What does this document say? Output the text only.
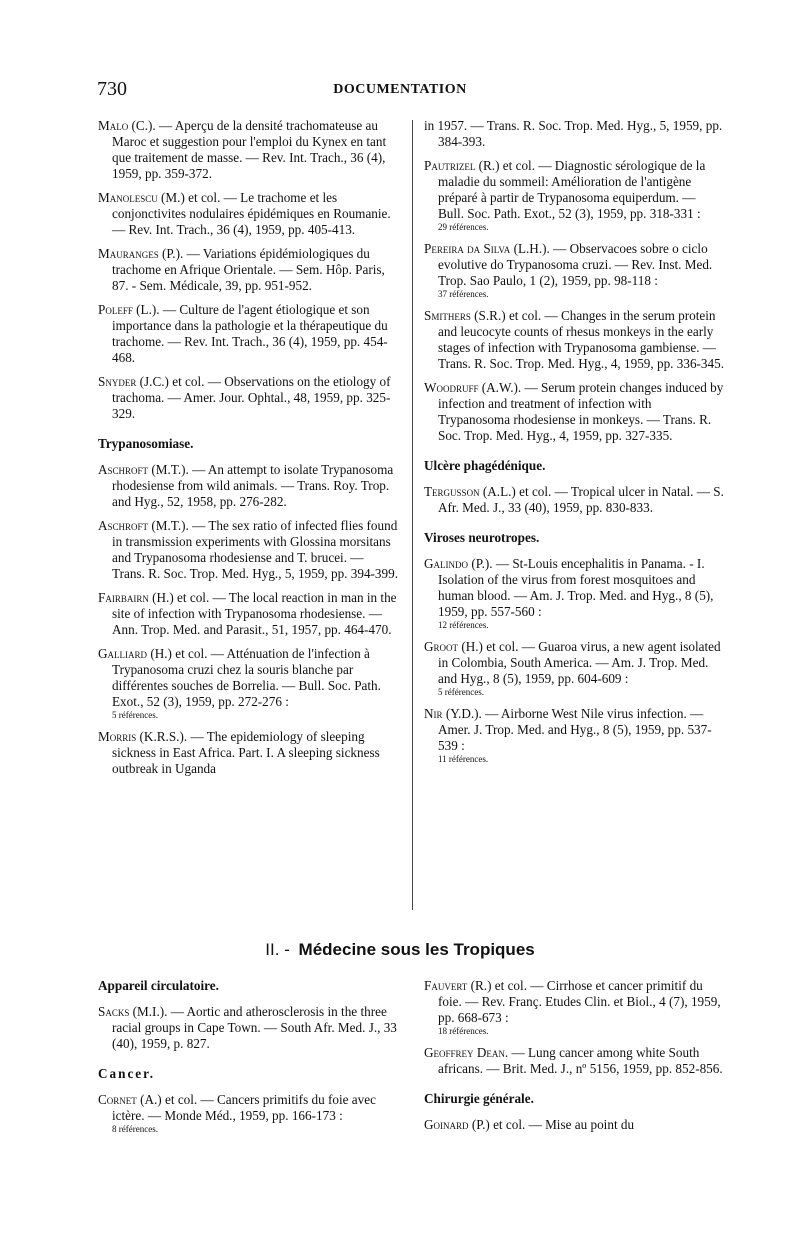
730	DOCUMENTATION

Malo (C.). — Aperçu de la densité trachomateuse au Maroc et suggestion pour l'emploi du Kynex en tant que traitement de masse. — Rev. Int. Trach., 36 (4), 1959, pp. 359-372.

Manolescu (M.) et col. — Le trachome et les conjonctivites nodulaires épidémiques en Roumanie. — Rev. Int. Trach., 36 (4), 1959, pp. 405-413.

Mauranges (P.). — Variations épidémiologiques du trachome en Afrique Orientale. — Sem. Hôp. Paris, 87. - Sem. Médicale, 39, pp. 951-952.

Poleff (L.). — Culture de l'agent étiologique et son importance dans la pathologie et la thérapeutique du trachome. — Rev. Int. Trach., 36 (4), 1959, pp. 454-468.

Snyder (J.C.) et col. — Observations on the etiology of trachoma. — Amer. Jour. Ophtal., 48, 1959, pp. 325-329.

Trypanosomiase.

Aschroft (M.T.). — An attempt to isolate Trypanosoma rhodesiense from wild animals. — Trans. Roy. Trop. and Hyg., 52, 1958, pp. 276-282.

Aschroft (M.T.). — The sex ratio of infected flies found in transmission experiments with Glossina morsitans and Trypanosoma rhodesiense and T. brucei. — Trans. R. Soc. Trop. Med. Hyg., 5, 1959, pp. 394-399.

Fairbairn (H.) et col. — The local reaction in man in the site of infection with Trypanosoma rhodesiense. — Ann. Trop. Med. and Parasit., 51, 1957, pp. 464-470.

Galliard (H.) et col. — Atténuation de l'infection à Trypanosoma cruzi chez la souris blanche par différentes souches de Borrelia. — Bull. Soc. Path. Exot., 52 (3), 1959, pp. 272-276 :
5 références.

Morris (K.R.S.). — The epidemiology of sleeping sickness in East Africa. Part. I. A sleeping sickness outbreak in Uganda

in 1957. — Trans. R. Soc. Trop. Med. Hyg., 5, 1959, pp. 384-393.

Pautrizel (R.) et col. — Diagnostic sérologique de la maladie du sommeil: Amélioration de l'antigène préparé à partir de Trypanosoma equiperdum. — Bull. Soc. Path. Exot., 52 (3), 1959, pp. 318-331 :
29 références.

Pereira da Silva (L.H.). — Observacoes sobre o ciclo evolutive do Trypanosoma cruzi. — Rev. Inst. Med. Trop. Sao Paulo, 1 (2), 1959, pp. 98-118 :
37 références.

Smithers (S.R.) et col. — Changes in the serum protein and leucocyte counts of rhesus monkeys in the early stages of infection with Trypanosoma gambiense. — Trans. R. Soc. Trop. Med. Hyg., 4, 1959, pp. 336-345.

Woodruff (A.W.). — Serum protein changes induced by infection and treatment of infection with Trypanosoma rhodesiense in monkeys. — Trans. R. Soc. Trop. Med. Hyg., 4, 1959, pp. 327-335.

Ulcère phagédénique.

Tergusson (A.L.) et col. — Tropical ulcer in Natal. — S. Afr. Med. J., 33 (40), 1959, pp. 830-833.

Viroses neurotropes.

Galindo (P.). — St-Louis encephalitis in Panama. - I. Isolation of the virus from forest mosquitoes and human blood. — Am. J. Trop. Med. and Hyg., 8 (5), 1959, pp. 557-560 :
12 références.

Groot (H.) et col. — Guaroa virus, a new agent isolated in Colombia, South America. — Am. J. Trop. Med. and Hyg., 8 (5), 1959, pp. 604-609 :
5 références.

Nir (Y.D.). — Airborne West Nile virus infection. — Amer. J. Trop. Med. and Hyg., 8 (5), 1959, pp. 537-539 :
11 références.

II. - Médecine sous les Tropiques
Appareil circulatoire.

Sacks (M.I.). — Aortic and atherosclerosis in the three racial groups in Cape Town. — South Afr. Med. J., 33 (40), 1959, p. 827.

Cancer.

Cornet (A.) et col. — Cancers primitifs du foie avec ictère. — Monde Méd., 1959, pp. 166-173 :
8 références.

Fauvert (R.) et col. — Cirrhose et cancer primitif du foie. — Rev. Franç. Etudes Clin. et Biol., 4 (7), 1959, pp. 668-673 :
18 références.

Geoffrey Dean. — Lung cancer among white South africans. — Brit. Med. J., nº 5156, 1959, pp. 852-856.

Chirurgie générale.

Goinard (P.) et col. — Mise au point du
